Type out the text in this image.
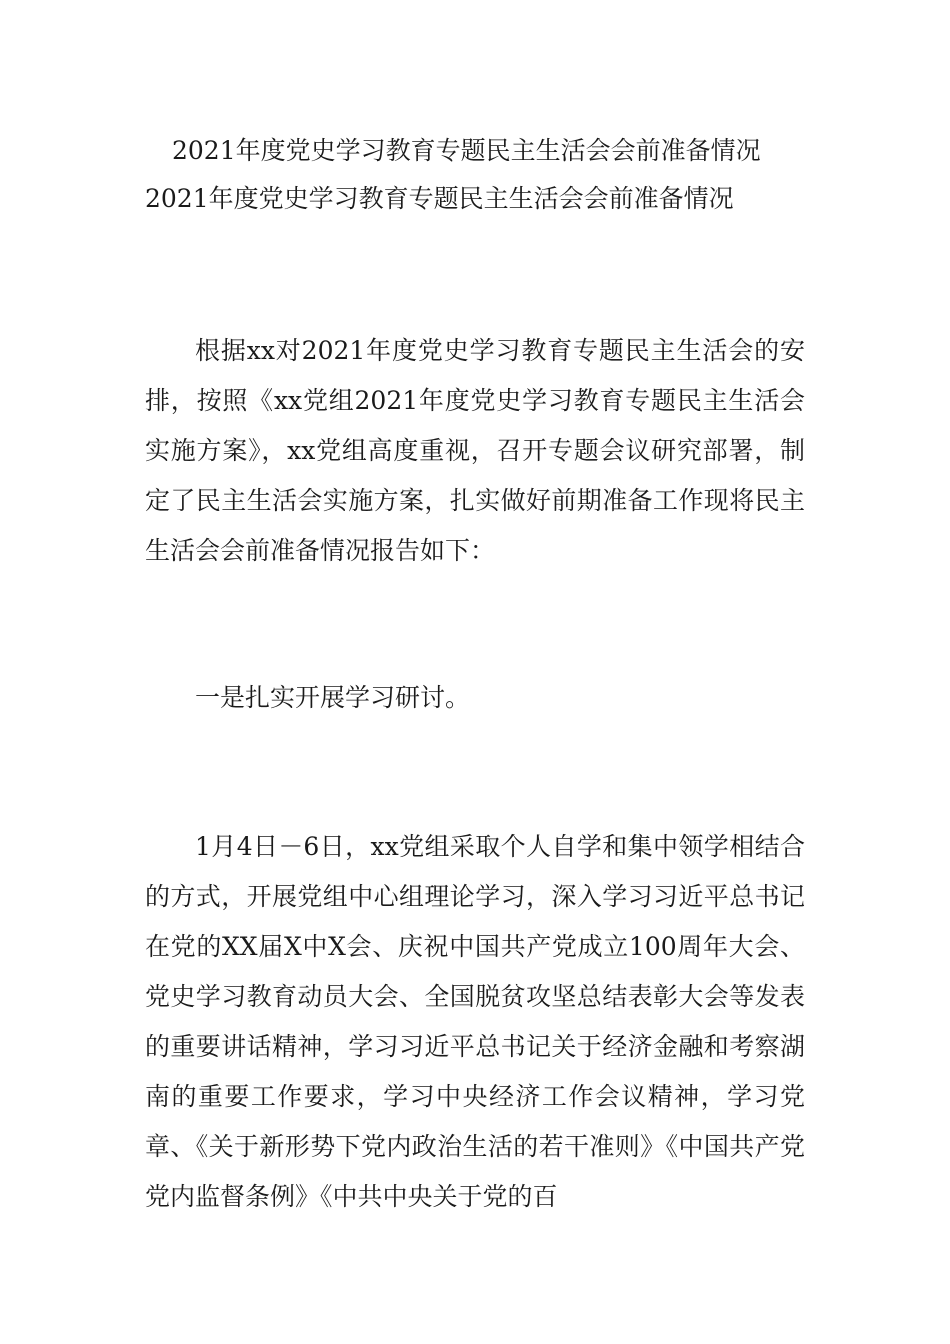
2021年度党史学习教育专题民主生活会会前准备情况
2021年度党史学习教育专题民主生活会会前准备情况

根据xx对2021年度党史学习教育专题民主生活会的安排，按照《xx党组2021年度党史学习教育专题民主生活会实施方案》，xx党组高度重视，召开专题会议研究部署，制定了民主生活会实施方案，扎实做好前期准备工作现将民主生活会会前准备情况报告如下：

一是扎实开展学习研讨。

1月4日－6日，xx党组采取个人自学和集中领学相结合的方式，开展党组中心组理论学习，深入学习习近平总书记在党的XX届X中X会、庆祝中国共产党成立100周年大会、党史学习教育动员大会、全国脱贫攻坚总结表彰大会等发表的重要讲话精神，学习习近平总书记关于经济金融和考察湖南的重要工作要求，学习中央经济工作会议精神，学习党章、《关于新形势下党内政治生活的若干准则》《中国共产党党内监督条例》《中共中央关于党的百
